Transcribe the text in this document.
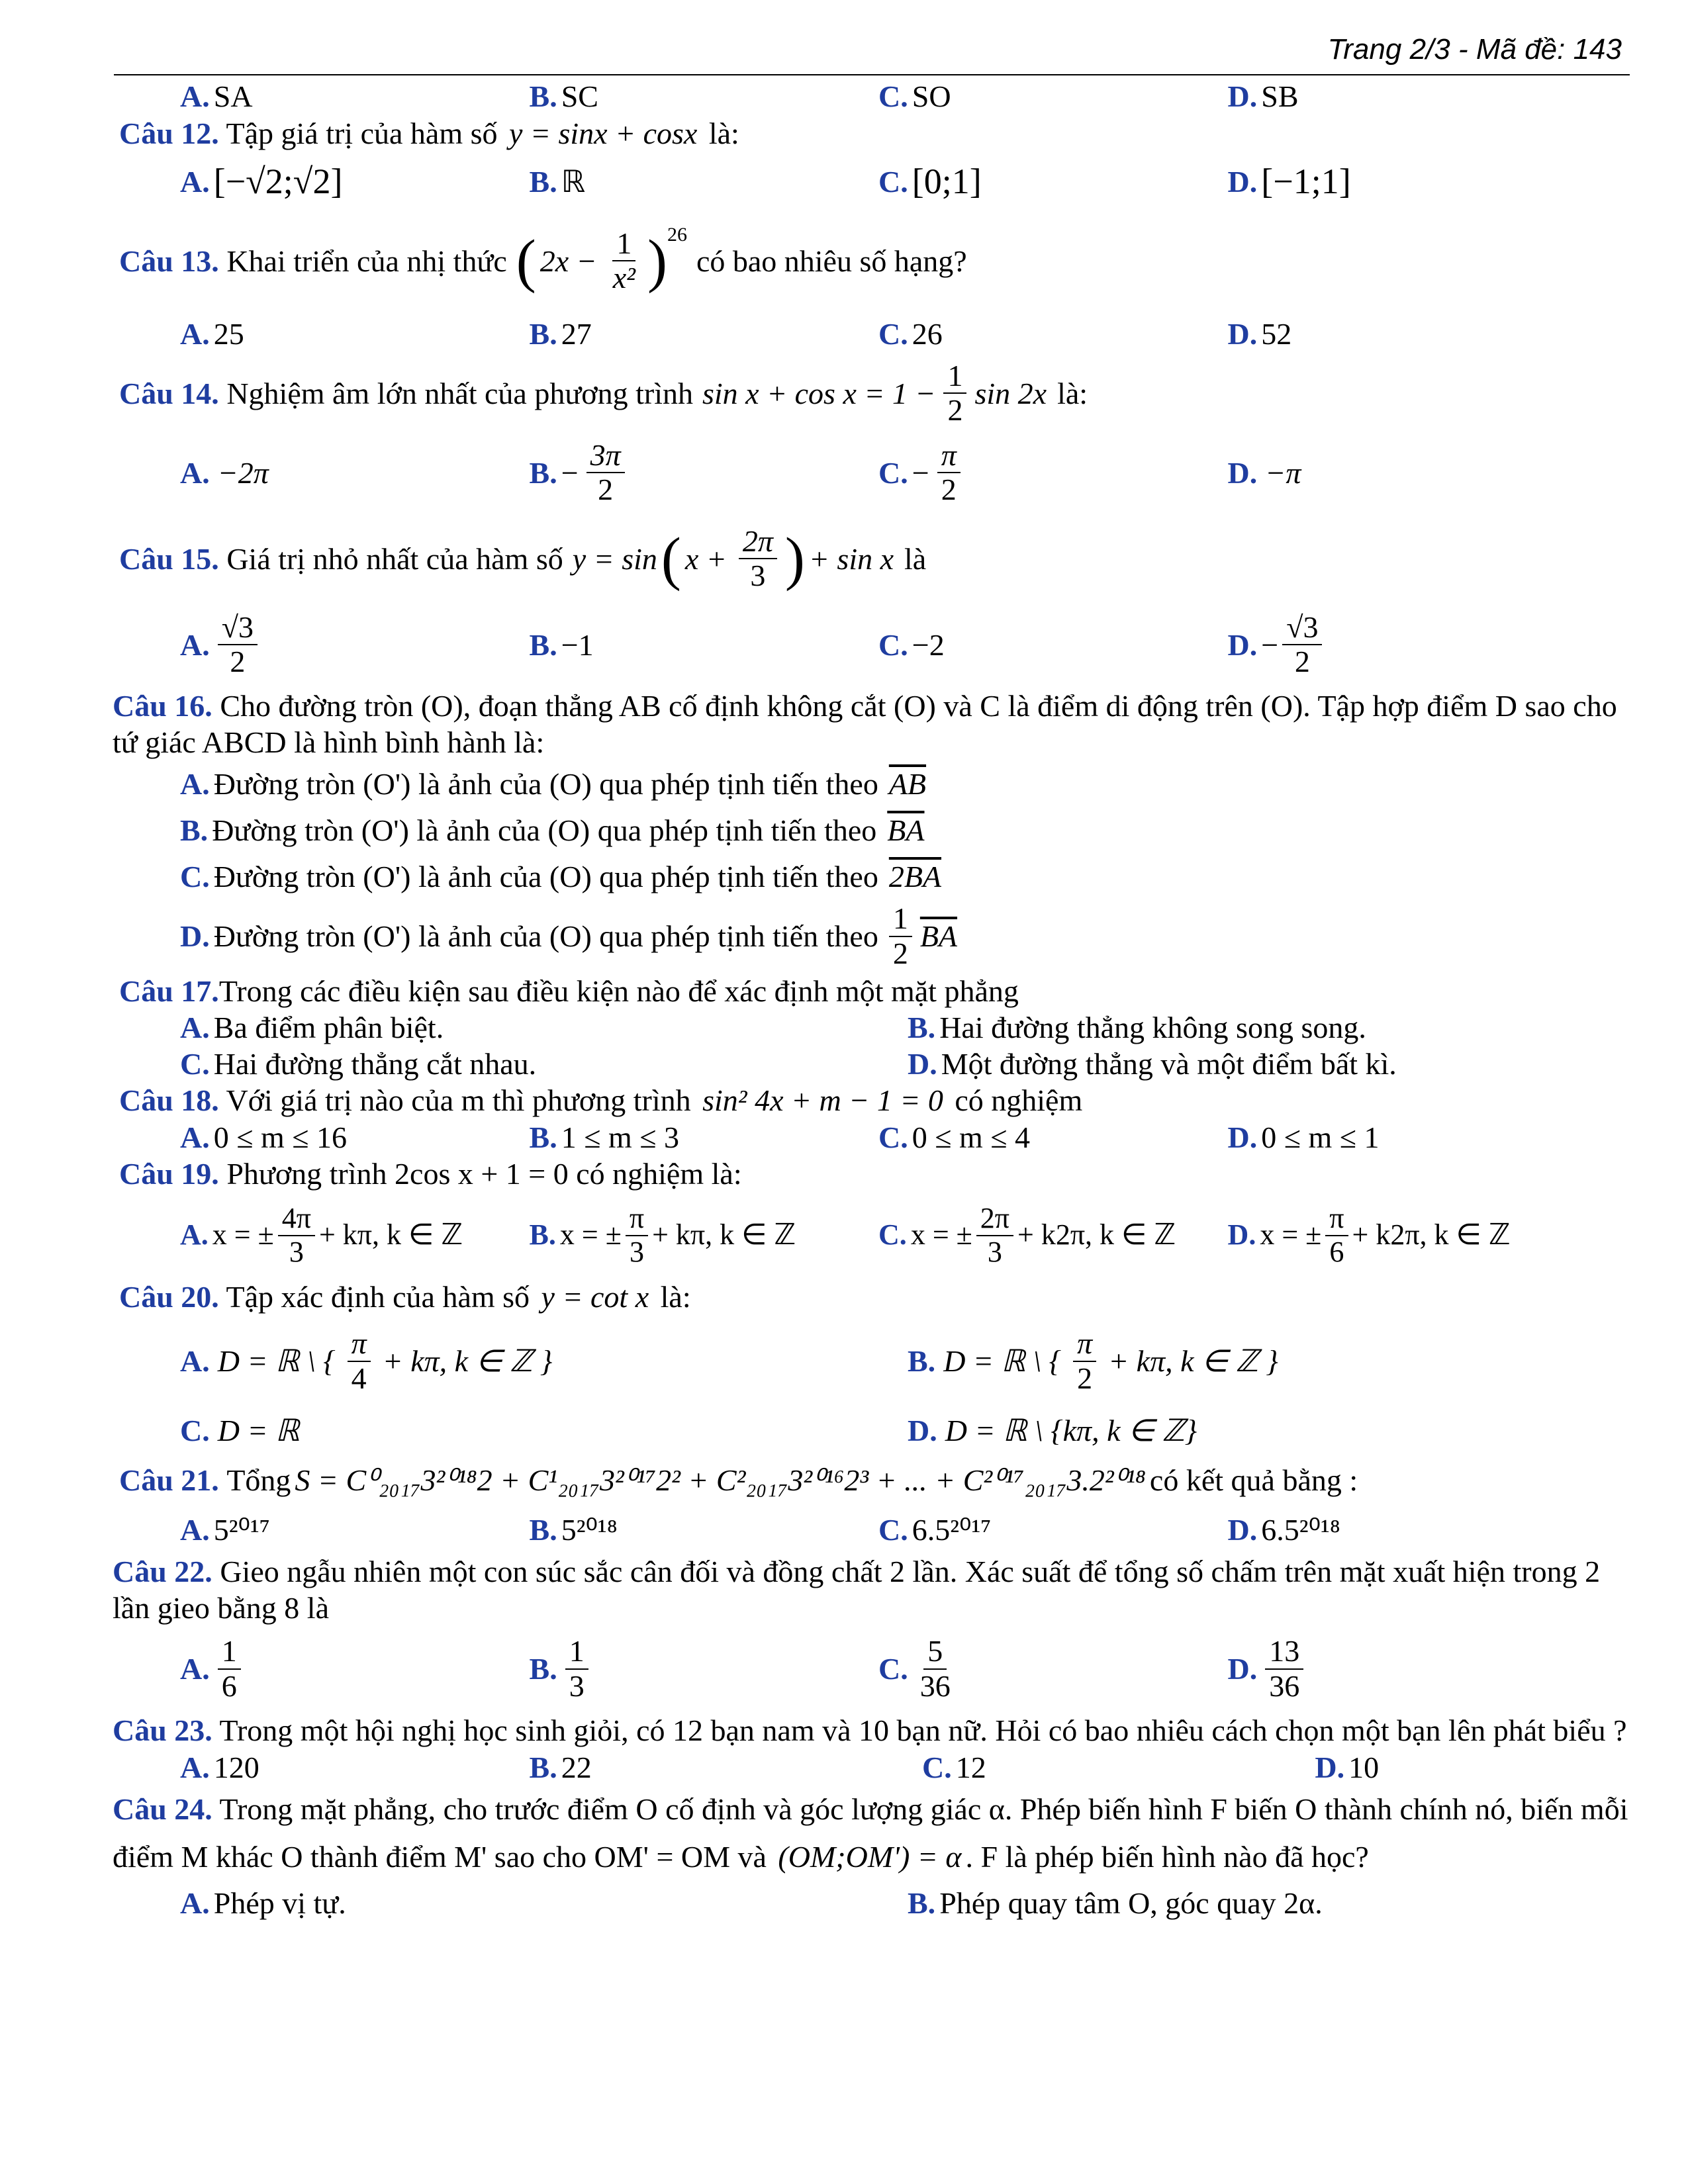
Trang 2/3 - Mã đề: 143
A. SA	B. SC	C. SO	D. SB
Câu 12. Tập giá trị của hàm số y = sinx + cosx là:
A. [−√2;√2]	B. ℝ	C. [0;1]	D. [−1;1]
Câu 13.
Khai triển của nhị thức ( $2x - \frac{1}{\text{x²}}$ ) 26
có bao nhiêu số hạng?
A. 25	B. 27	C. 26	D. 52
Câu 14.
Nghiệm âm lớn nhất của phương trình $\sin x + \cos x = 1 - \frac{1}{2}$ sin 2x là:
A. −2π	B. − $\frac{3\pi}{2}$	C. − $\frac{\pi}{2}$	D. −π
Câu 15.
Giá trị nhỏ nhất của hàm số y = sin ( $x + \frac{2\pi}{3}$ ) + sin x là
A. $\frac{√3}{2}$	B. −1	C. −2	D. − $\frac{√3}{2}$
Câu 16. Cho đường tròn (O), đoạn thẳng AB cố định không cắt (O) và C là điểm di động trên (O). Tập hợp điểm D sao cho tứ giác ABCD là hình bình hành là:
A. Đường tròn (O') là ảnh của (O) qua phép tịnh tiến theo $\overline{AB}$
B. Đường tròn (O') là ảnh của (O) qua phép tịnh tiến theo $\overline{BA}$
C. Đường tròn (O') là ảnh của (O) qua phép tịnh tiến theo 2BA
D. Đường tròn (O') là ảnh của (O) qua phép tịnh tiến theo $\frac{1}{2} \overline{BA}$
Câu 17.Trong các điều kiện sau điều kiện nào để xác định một mặt phẳng
A. Ba điểm phân biệt.	B. Hai đường thẳng không song song.
C. Hai đường thẳng cắt nhau.	D. Một đường thẳng và một điểm bất kì.
Câu 18. Với giá trị nào của m thì phương trình sin² 4x + m − 1 = 0 có nghiệm
A. 0 ≤ m ≤ 16	B. 1 ≤ m ≤ 3	C. 0 ≤ m ≤ 4	D. 0 ≤ m ≤ 1
Câu 19. Phương trình 2cos x + 1 = 0 có nghiệm là:
A. x = ± $\frac{4\pi}{3} + k\pi$, k ∈ ℤ B. x = ± $\frac{\pi}{3} + k\pi$, k ∈ ℤ	C. x = ± $\frac{2\pi}{3} + k2\pi$, k ∈ ℤ D. x = ± $\frac{\pi}{6} + k2\pi$, k ∈ ℤ
Câu 20. Tập xác định của hàm số y = cot x là:
A. D = ℝ \ { $\frac{\pi}{4} + k\pi$, k ∈ ℤ }	B. D = ℝ \ { $\frac{\pi}{2} + k\pi$, k ∈ ℤ }
C. D = ℝ	D. D = ℝ \ {kπ, k ∈ ℤ}
Câu 21.
Tổng S = C⁰₂₀₁₇3²⁰¹⁸2 + C¹₂₀₁₇3²⁰¹⁷2² + C²₂₀₁₇3²⁰¹⁶2³ + ... + C²⁰¹⁷₂₀₁₇3.2²⁰¹⁸ có kết quả bằng :
A. 5²⁰¹⁷	B. 5²⁰¹⁸	C. 6.5²⁰¹⁷	D. 6.5²⁰¹⁸
Câu 22. Gieo ngẫu nhiên một con súc sắc cân đối và đồng chất 2 lần. Xác suất để tổng số chấm trên mặt xuất hiện trong 2 lần gieo bằng 8 là
A. $\frac{1}{6}$	B. $\frac{1}{3}$	C. $\frac{5}{36}$	D. $\frac{13}{36}$
Câu 23. Trong một hội nghị học sinh giỏi, có 12 bạn nam và 10 bạn nữ. Hỏi có bao nhiêu cách chọn một bạn lên phát biểu ?
A. 120	B. 22	C. 12	D. 10
Câu 24. Trong mặt phẳng, cho trước điểm O cố định và góc lượng giác α. Phép biến hình F biến O thành chính nó, biến mỗi điểm M khác O thành điểm M' sao cho OM' = OM và (OM;OM') = α . F là phép biến hình nào đã học?
A. Phép vị tự.	B. Phép quay tâm O, góc quay 2α.
